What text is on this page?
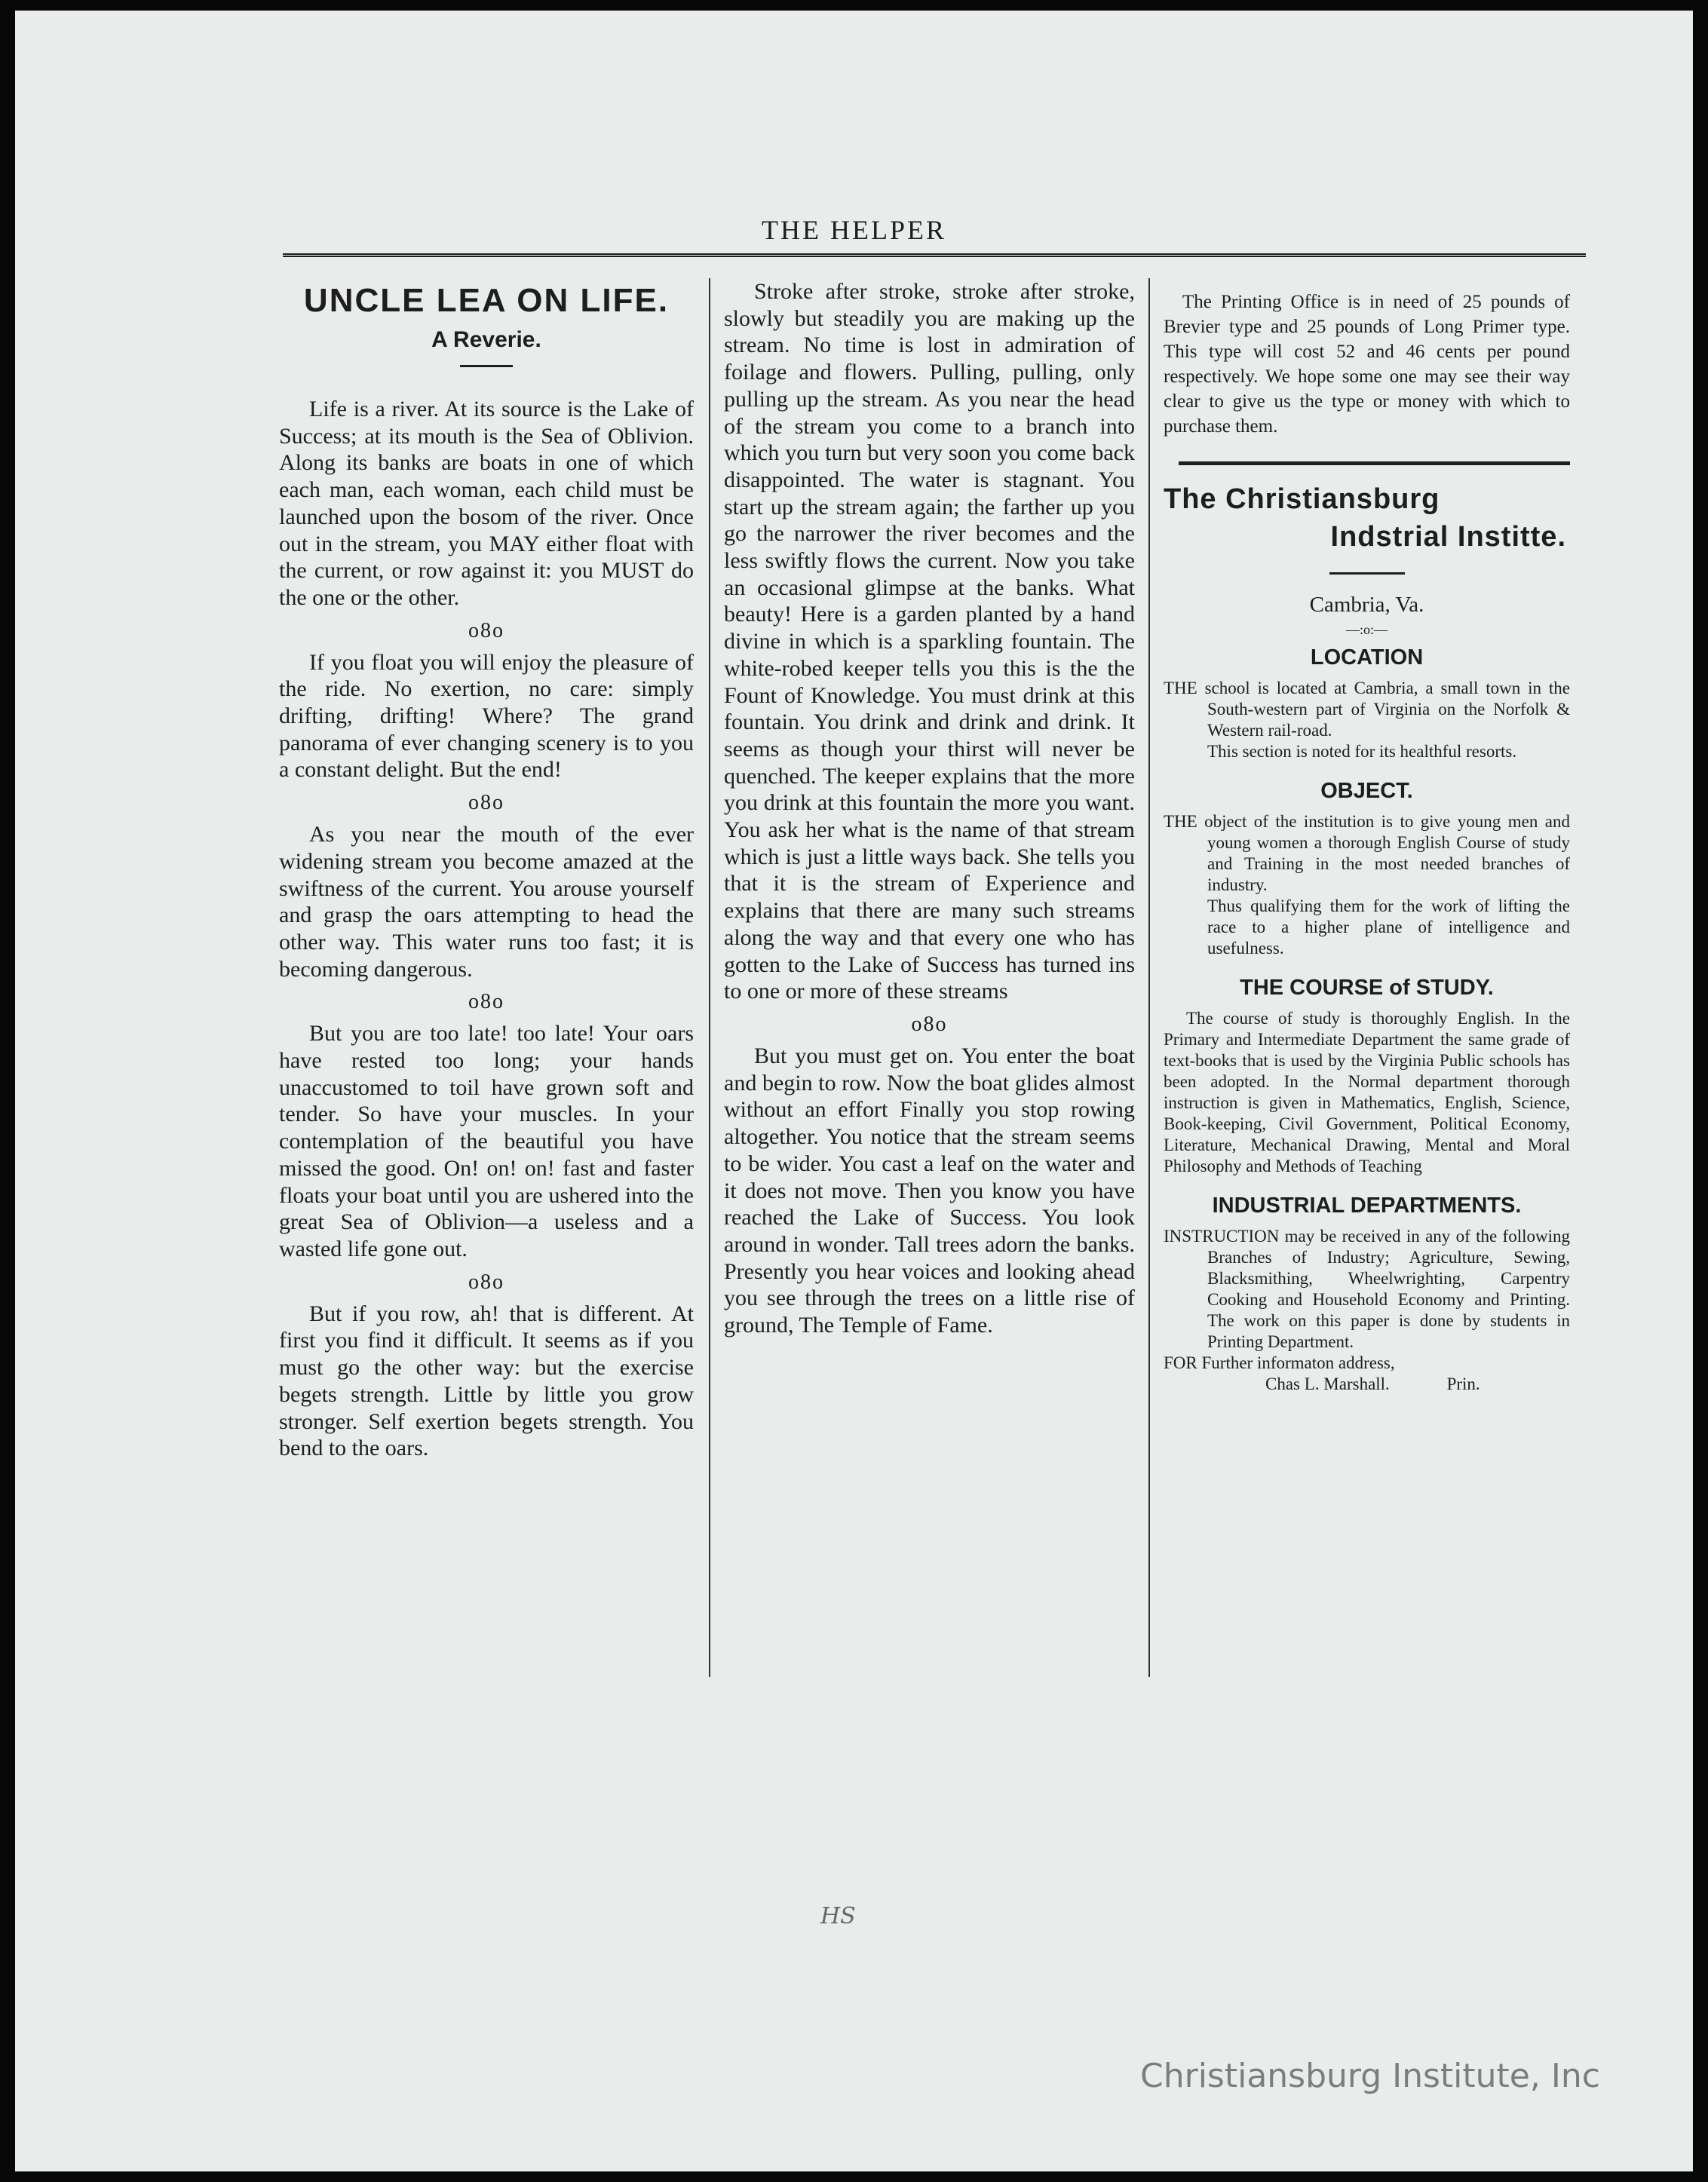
THE HELPER
UNCLE LEA ON LIFE.
A Reverie.

Life is a river. At its source is the Lake of Success; at its mouth is the Sea of Oblivion. Along its banks are boats in one of which each man, each woman, each child must be launched upon the bosom of the river. Once out in the stream, you MAY either float with the current, or row against it: you MUST do the one or the other.

o8o

If you float you will enjoy the pleasure of the ride. No exertion, no care: simply drifting, drifting! Where? The grand panorama of ever changing scenery is to you a constant delight. But the end!

o8o

As you near the mouth of the ever widening stream you become amazed at the swiftness of the current. You arouse yourself and grasp the oars attempting to head the other way. This water runs too fast; it is becoming dangerous.

o8o

But you are too late! too late! Your oars have rested too long; your hands unaccustomed to toil have grown soft and tender. So have your muscles. In your contemplation of the beautiful you have missed the good. On! on! on! fast and faster floats your boat until you are ushered into the great Sea of Oblivion—a useless and a wasted life gone out.

o8o

But if you row, ah! that is different. At first you find it difficult. It seems as if you must go the other way: but the exercise begets strength. Little by little you grow stronger. Self exertion begets strength. You bend to the oars.

Stroke after stroke, stroke after stroke, slowly but steadily you are making up the stream. No time is lost in admiration of foilage and flowers. Pulling, pulling, only pulling up the stream. As you near the head of the stream you come to a branch into which you turn but very soon you come back disappointed. The water is stagnant. You start up the stream again; the farther up you go the narrower the river becomes and the less swiftly flows the current. Now you take an occasional glimpse at the banks. What beauty! Here is a garden planted by a hand divine in which is a sparkling fountain. The white-robed keeper tells you this is the the Fount of Knowledge. You must drink at this fountain. You drink and drink and drink. It seems as though your thirst will never be quenched. The keeper explains that the more you drink at this fountain the more you want. You ask her what is the name of that stream which is just a little ways back. She tells you that it is the stream of Experience and explains that there are many such streams along the way and that every one who has gotten to the Lake of Success has turned ins to one or more of these streams

o8o

But you must get on. You enter the boat and begin to row. Now the boat glides almost without an effort Finally you stop rowing altogether. You notice that the stream seems to be wider. You cast a leaf on the water and it does not move. Then you know you have reached the Lake of Success. You look around in wonder. Tall trees adorn the banks. Presently you hear voices and looking ahead you see through the trees on a little rise of ground, The Temple of Fame.

The Printing Office is in need of 25 pounds of Brevier type and 25 pounds of Long Primer type. This type will cost 52 and 46 cents per pound respectively. We hope some one may see their way clear to give us the type or money with which to purchase them.

The Christiansburg
Indstrial Institte.
Cambria, Va.
—:o:—
LOCATION

THE school is located at Cambria, a small town in the South-western part of Virginia on the Norfolk & Western rail-road.

This section is noted for its healthful resorts.

OBJECT.

THE object of the institution is to give young men and young women a thorough English Course of study and Training in the most needed branches of industry.

Thus qualifying them for the work of lifting the race to a higher plane of intelligence and usefulness.

THE COURSE of STUDY.

The course of study is thoroughly English. In the Primary and Intermediate Department the same grade of text-books that is used by the Virginia Public schools has been adopted. In the Normal department thorough instruction is given in Mathematics, English, Science, Book-keeping, Civil Government, Political Economy, Literature, Mechanical Drawing, Mental and Moral Philosophy and Methods of Teaching

INDUSTRIAL DEPARTMENTS.

INSTRUCTION may be received in any of the following Branches of Industry; Agriculture, Sewing, Blacksmithing, Wheelwrighting, Carpentry Cooking and Household Economy and Printing. The work on this paper is done by students in Printing Department.

FOR Further informaton address,

Chas L. Marshall.	Prin.
HS
Christiansburg Institute, Inc
